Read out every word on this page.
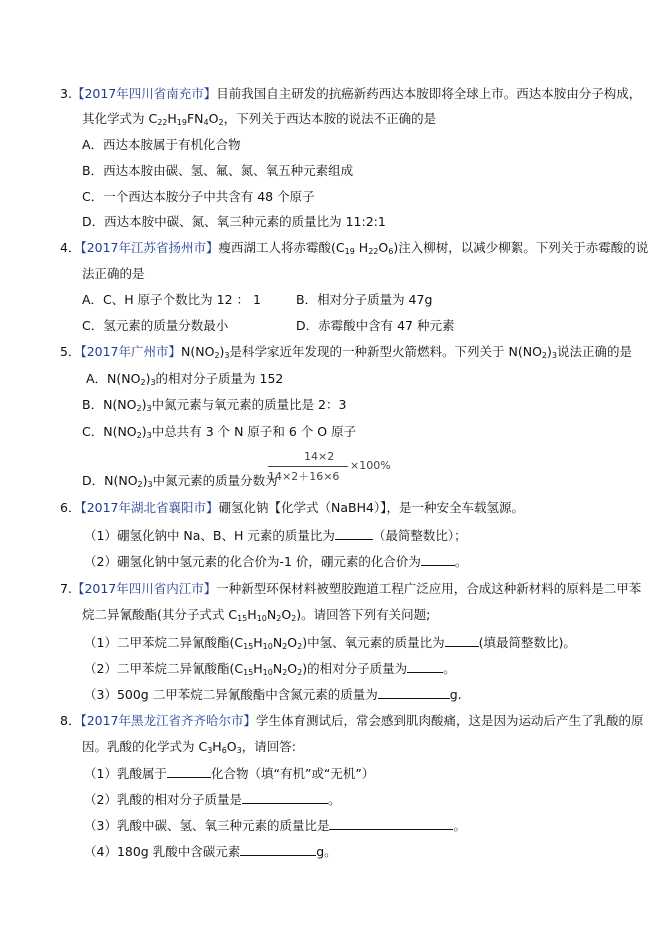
3.【2017年四川省南充市】目前我国自主研发的抗癌新药西达本胺即将全球上市。西达本胺由分子构成，
其化学式为 $C_{22}H_{19}FN_4O_2$，下列关于西达本胺的说法不正确的是
A．西达本胺属于有机化合物
B．西达本胺由碳、氢、氟、氮、氧五种元素组成
C．一个西达本胺分子中共含有 48 个原子
D．西达本胺中碳、氮、氧三种元素的质量比为 11:2:1
4．【2017年江苏省扬州市】瘦西湖工人将赤霉酸($C_{19}$ $H_{22}O_6$)注入柳树，以减少柳絮。下列关于赤霉酸的说
法正确的是
A．C、H 原子个数比为 12 ： 1	B．相对分子质量为 47g
C．氢元素的质量分数最小	D．赤霉酸中含有 47 种元素
5．【2017年广州市】$N(NO_2)_3$是科学家近年发现的一种新型火箭燃料。下列关于 $N(NO_2)_3$说法正确的是
A．$N(NO_2)_3$的相对分子质量为 152
B．$N(NO_2)_3$中氮元素与氧元素的质量比是 2：3
C．$N(NO_2)_3$中总共有 3 个 N 原子和 6 个 O 原子
D．$N(NO_2)_3$中氮元素的质量分数为
14×2
14×2＋16×6
×100%
6．【2017年湖北省襄阳市】硼氢化钠【化学式（NaBH4）】，是一种安全车载氢源。
（1）硼氢化钠中 Na、B、H 元素的质量比为	（最简整数比）；
（2）硼氢化钠中氢元素的化合价为-1 价，硼元素的化合价为	。
7.【2017年四川省内江市】一种新型环保材料被塑胶跑道工程广泛应用，合成这种新材料的原料是二甲苯
烷二异氰酸酯(其分子式式 $C_{15}H_{10}N_2O_2$)。请回答下列有关问题;
（1）二甲苯烷二异氰酸酯$(C_{15}H_{10}N_2O_2)$中氢、氧元素的质量比为	(填最简整数比)。
（2）二甲苯烷二异氰酸酯$(C_{15}H_{10}N_2O_2)$的相对分子质量为	。
（3）500g 二甲苯烷二异氰酸酯中含氮元素的质量为	g.
8．【2017年黑龙江省齐齐哈尔市】学生体育测试后，常会感到肌肉酸痛，这是因为运动后产生了乳酸的原
因。乳酸的化学式为 $C_3H_6O_3$，请回答:
（1）乳酸属于	化合物（填“有机”或“无机”）
（2）乳酸的相对分子质量是	。
（3）乳酸中碳、氢、氧三种元素的质量比是	。
（4）180g 乳酸中含碳元素	g。
